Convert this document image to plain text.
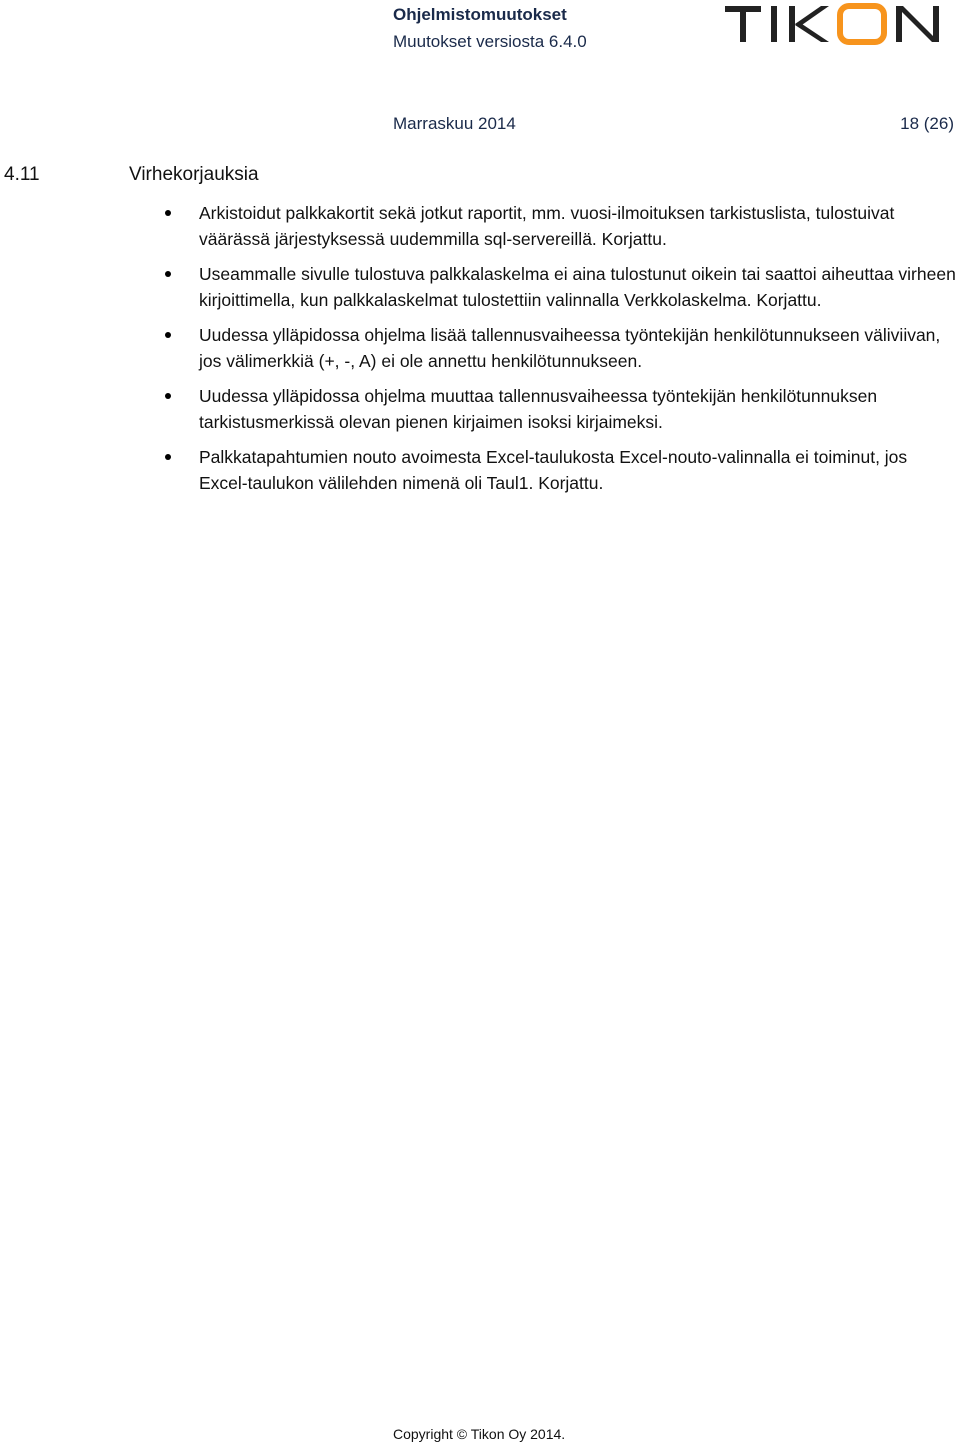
Ohjelmistomuutokset
Muutokset versiosta 6.4.0
Marraskuu 2014	18 (26)
4.11	Virhekorjauksia
Arkistoidut palkkakortit sekä jotkut raportit, mm. vuosi-ilmoituksen tarkistuslista, tulostuivat väärässä järjestyksessä uudemmilla sql-servereillä. Korjattu.
Useammalle sivulle tulostuva palkkalaskelma ei aina tulostunut oikein tai saattoi aiheuttaa virheen kirjoittimella, kun palkkalaskelmat tulostettiin valinnalla Verkkolaskelma. Korjattu.
Uudessa ylläpidossa ohjelma lisää tallennusvaiheessa työntekijän henkilötunnukseen väliviivan, jos välimerkkiä (+, -, A) ei ole annettu henkilötunnukseen.
Uudessa ylläpidossa ohjelma muuttaa tallennusvaiheessa työntekijän henkilötunnuksen tarkistusmerkissä olevan pienen kirjaimen isoksi kirjaimeksi.
Palkkatapahtumien nouto avoimesta Excel-taulukosta Excel-nouto-valinnalla ei toiminut, jos Excel-taulukon välilehden nimenä oli Taul1. Korjattu.
Copyright © Tikon Oy 2014.
